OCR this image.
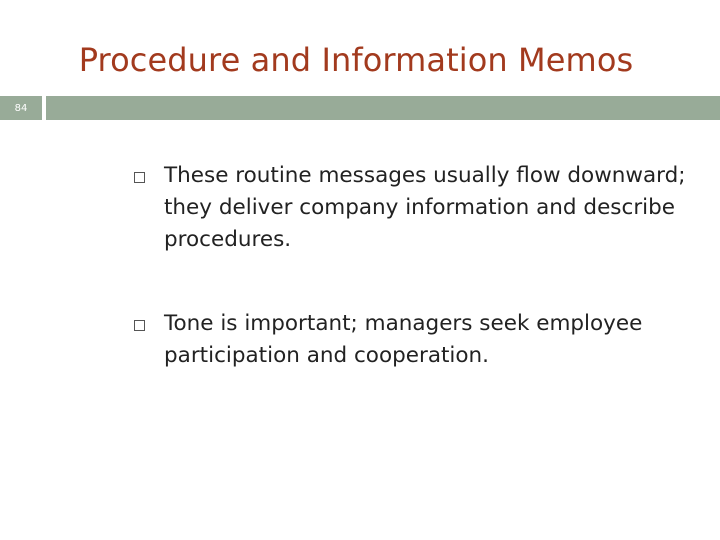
Procedure and Information Memos
84
These routine messages usually flow downward; they deliver company information and describe procedures.
Tone is important; managers seek employee participation and cooperation.
